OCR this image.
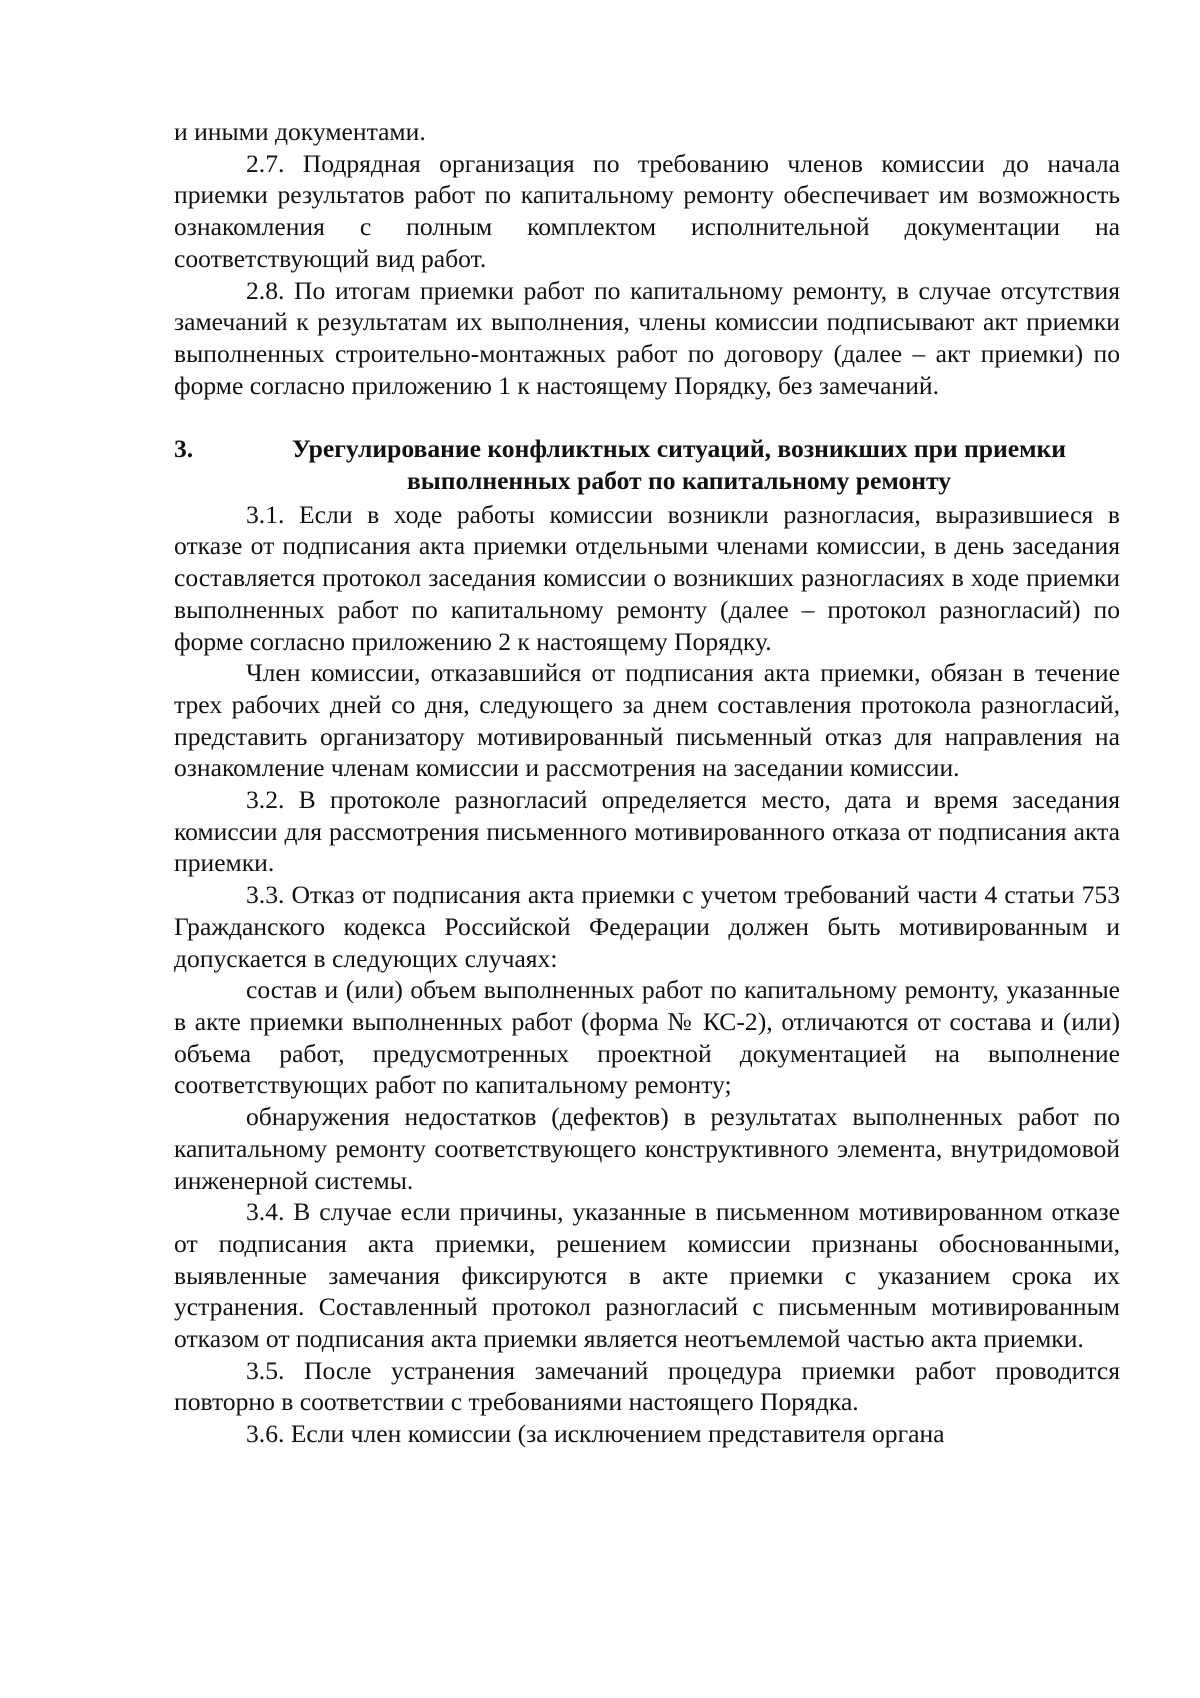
и иными документами.

2.7. Подрядная организация по требованию членов комиссии до начала приемки результатов работ по капитальному ремонту обеспечивает им возможность ознакомления с полным комплектом исполнительной документации на соответствующий вид работ.

2.8. По итогам приемки работ по капитальному ремонту, в случае отсутствия замечаний к результатам их выполнения, члены комиссии подписывают акт приемки выполненных строительно-монтажных работ по договору (далее – акт приемки) по форме согласно приложению 1 к настоящему Порядку, без замечаний.

3.	Урегулирование конфликтных ситуаций, возникших при приемки выполненных работ по капитальному ремонту

3.1. Если в ходе работы комиссии возникли разногласия, выразившиеся в отказе от подписания акта приемки отдельными членами комиссии, в день заседания составляется протокол заседания комиссии о возникших разногласиях в ходе приемки выполненных работ по капитальному ремонту (далее – протокол разногласий) по форме согласно приложению 2 к настоящему Порядку.

Член комиссии, отказавшийся от подписания акта приемки, обязан в течение трех рабочих дней со дня, следующего за днем составления протокола разногласий, представить организатору мотивированный письменный отказ для направления на ознакомление членам комиссии и рассмотрения на заседании комиссии.

3.2. В протоколе разногласий определяется место, дата и время заседания комиссии для рассмотрения письменного мотивированного отказа от подписания акта приемки.

3.3. Отказ от подписания акта приемки с учетом требований части 4 статьи 753 Гражданского кодекса Российской Федерации должен быть мотивированным и допускается в следующих случаях:

состав и (или) объем выполненных работ по капитальному ремонту, указанные в акте приемки выполненных работ (форма № КС-2), отличаются от состава и (или) объема работ, предусмотренных проектной документацией на выполнение соответствующих работ по капитальному ремонту;

обнаружения недостатков (дефектов) в результатах выполненных работ по капитальному ремонту соответствующего конструктивного элемента, внутридомовой инженерной системы.

3.4. В случае если причины, указанные в письменном мотивированном отказе от подписания акта приемки, решением комиссии признаны обоснованными, выявленные замечания фиксируются в акте приемки с указанием срока их устранения. Составленный протокол разногласий с письменным мотивированным отказом от подписания акта приемки является неотъемлемой частью акта приемки.

3.5. После устранения замечаний процедура приемки работ проводится повторно в соответствии с требованиями настоящего Порядка.

3.6. Если член комиссии (за исключением представителя органа
